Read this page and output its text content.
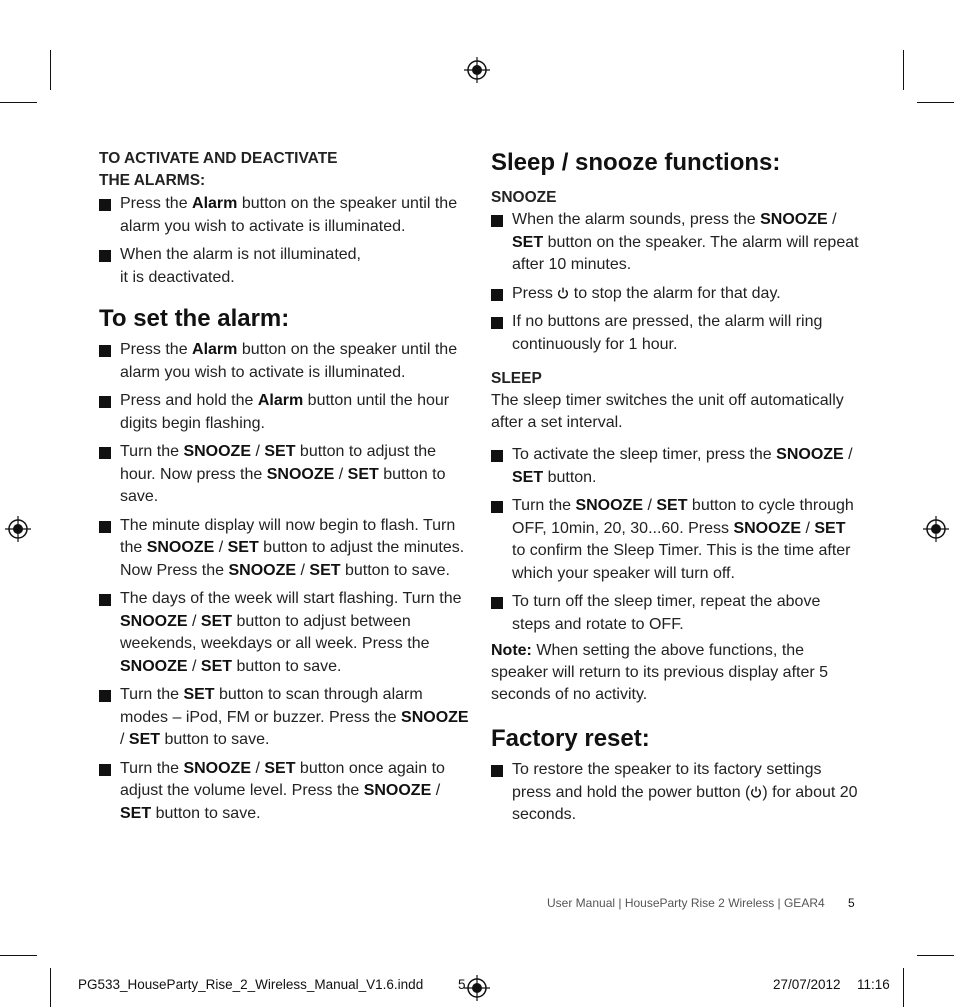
TO ACTIVATE AND DEACTIVATE
THE ALARMS:
Press the Alarm button on the speaker until the alarm you wish to activate is illuminated.
When the alarm is not illuminated,
it is deactivated.
To set the alarm:
Press the Alarm button on the speaker until the alarm you wish to activate is illuminated.
Press and hold the Alarm button until the hour digits begin flashing.
Turn the SNOOZE / SET button to adjust the hour. Now press the SNOOZE / SET button to save.
The minute display will now begin to flash. Turn the SNOOZE / SET button to adjust the minutes. Now Press the SNOOZE / SET button to save.
The days of the week will start flashing. Turn the SNOOZE / SET button to adjust between weekends, weekdays or all week. Press the SNOOZE / SET button to save.
Turn the SET button to scan through alarm modes – iPod, FM or buzzer. Press the SNOOZE / SET button to save.
Turn the SNOOZE / SET button once again to adjust the volume level. Press the SNOOZE / SET button to save.
Sleep / snooze functions:
SNOOZE
When the alarm sounds, press the SNOOZE / SET button on the speaker. The alarm will repeat after 10 minutes.
Press  to stop the alarm for that day.
If no buttons are pressed, the alarm will ring continuously for 1 hour.
SLEEP
The sleep timer switches the unit off automatically after a set interval.
To activate the sleep timer, press the SNOOZE / SET button.
Turn the SNOOZE / SET button to cycle through OFF, 10min, 20, 30...60. Press SNOOZE / SET to confirm the Sleep Timer. This is the time after which your speaker will turn off.
To turn off the sleep timer, repeat the above steps and rotate to OFF.
Note: When setting the above functions, the speaker will return to its previous display after 5 seconds of no activity.
Factory reset:
To restore the speaker to its factory settings press and hold the power button ( ) for about 20 seconds.
User Manual | HouseParty Rise 2 Wireless | GEAR4 5
PG533_HouseParty_Rise_2_Wireless_Manual_V1.6.indd	5	27/07/2012 11:16
